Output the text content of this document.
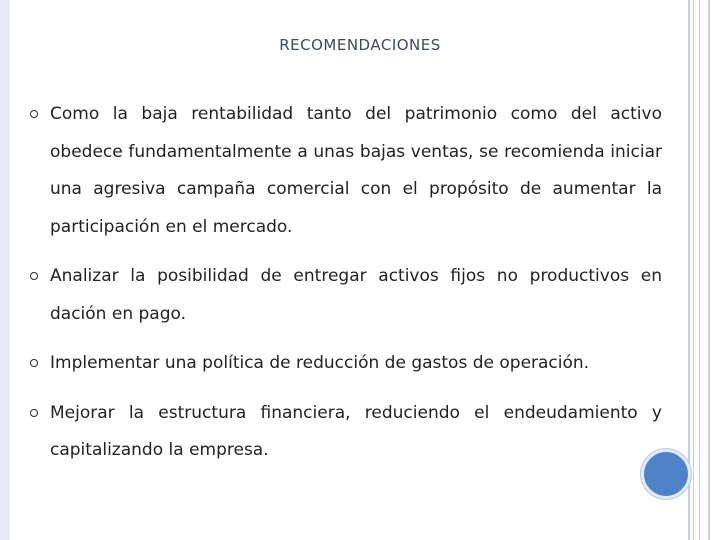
RECOMENDACIONES
Como la baja rentabilidad tanto del patrimonio como del activo obedece fundamentalmente a unas bajas ventas, se recomienda iniciar una agresiva campaña comercial con el propósito de aumentar la participación en el mercado.
Analizar la posibilidad de entregar activos fijos no productivos en dación en pago.
Implementar una política de reducción de gastos de operación.
Mejorar la estructura financiera, reduciendo el endeudamiento y capitalizando la empresa.
